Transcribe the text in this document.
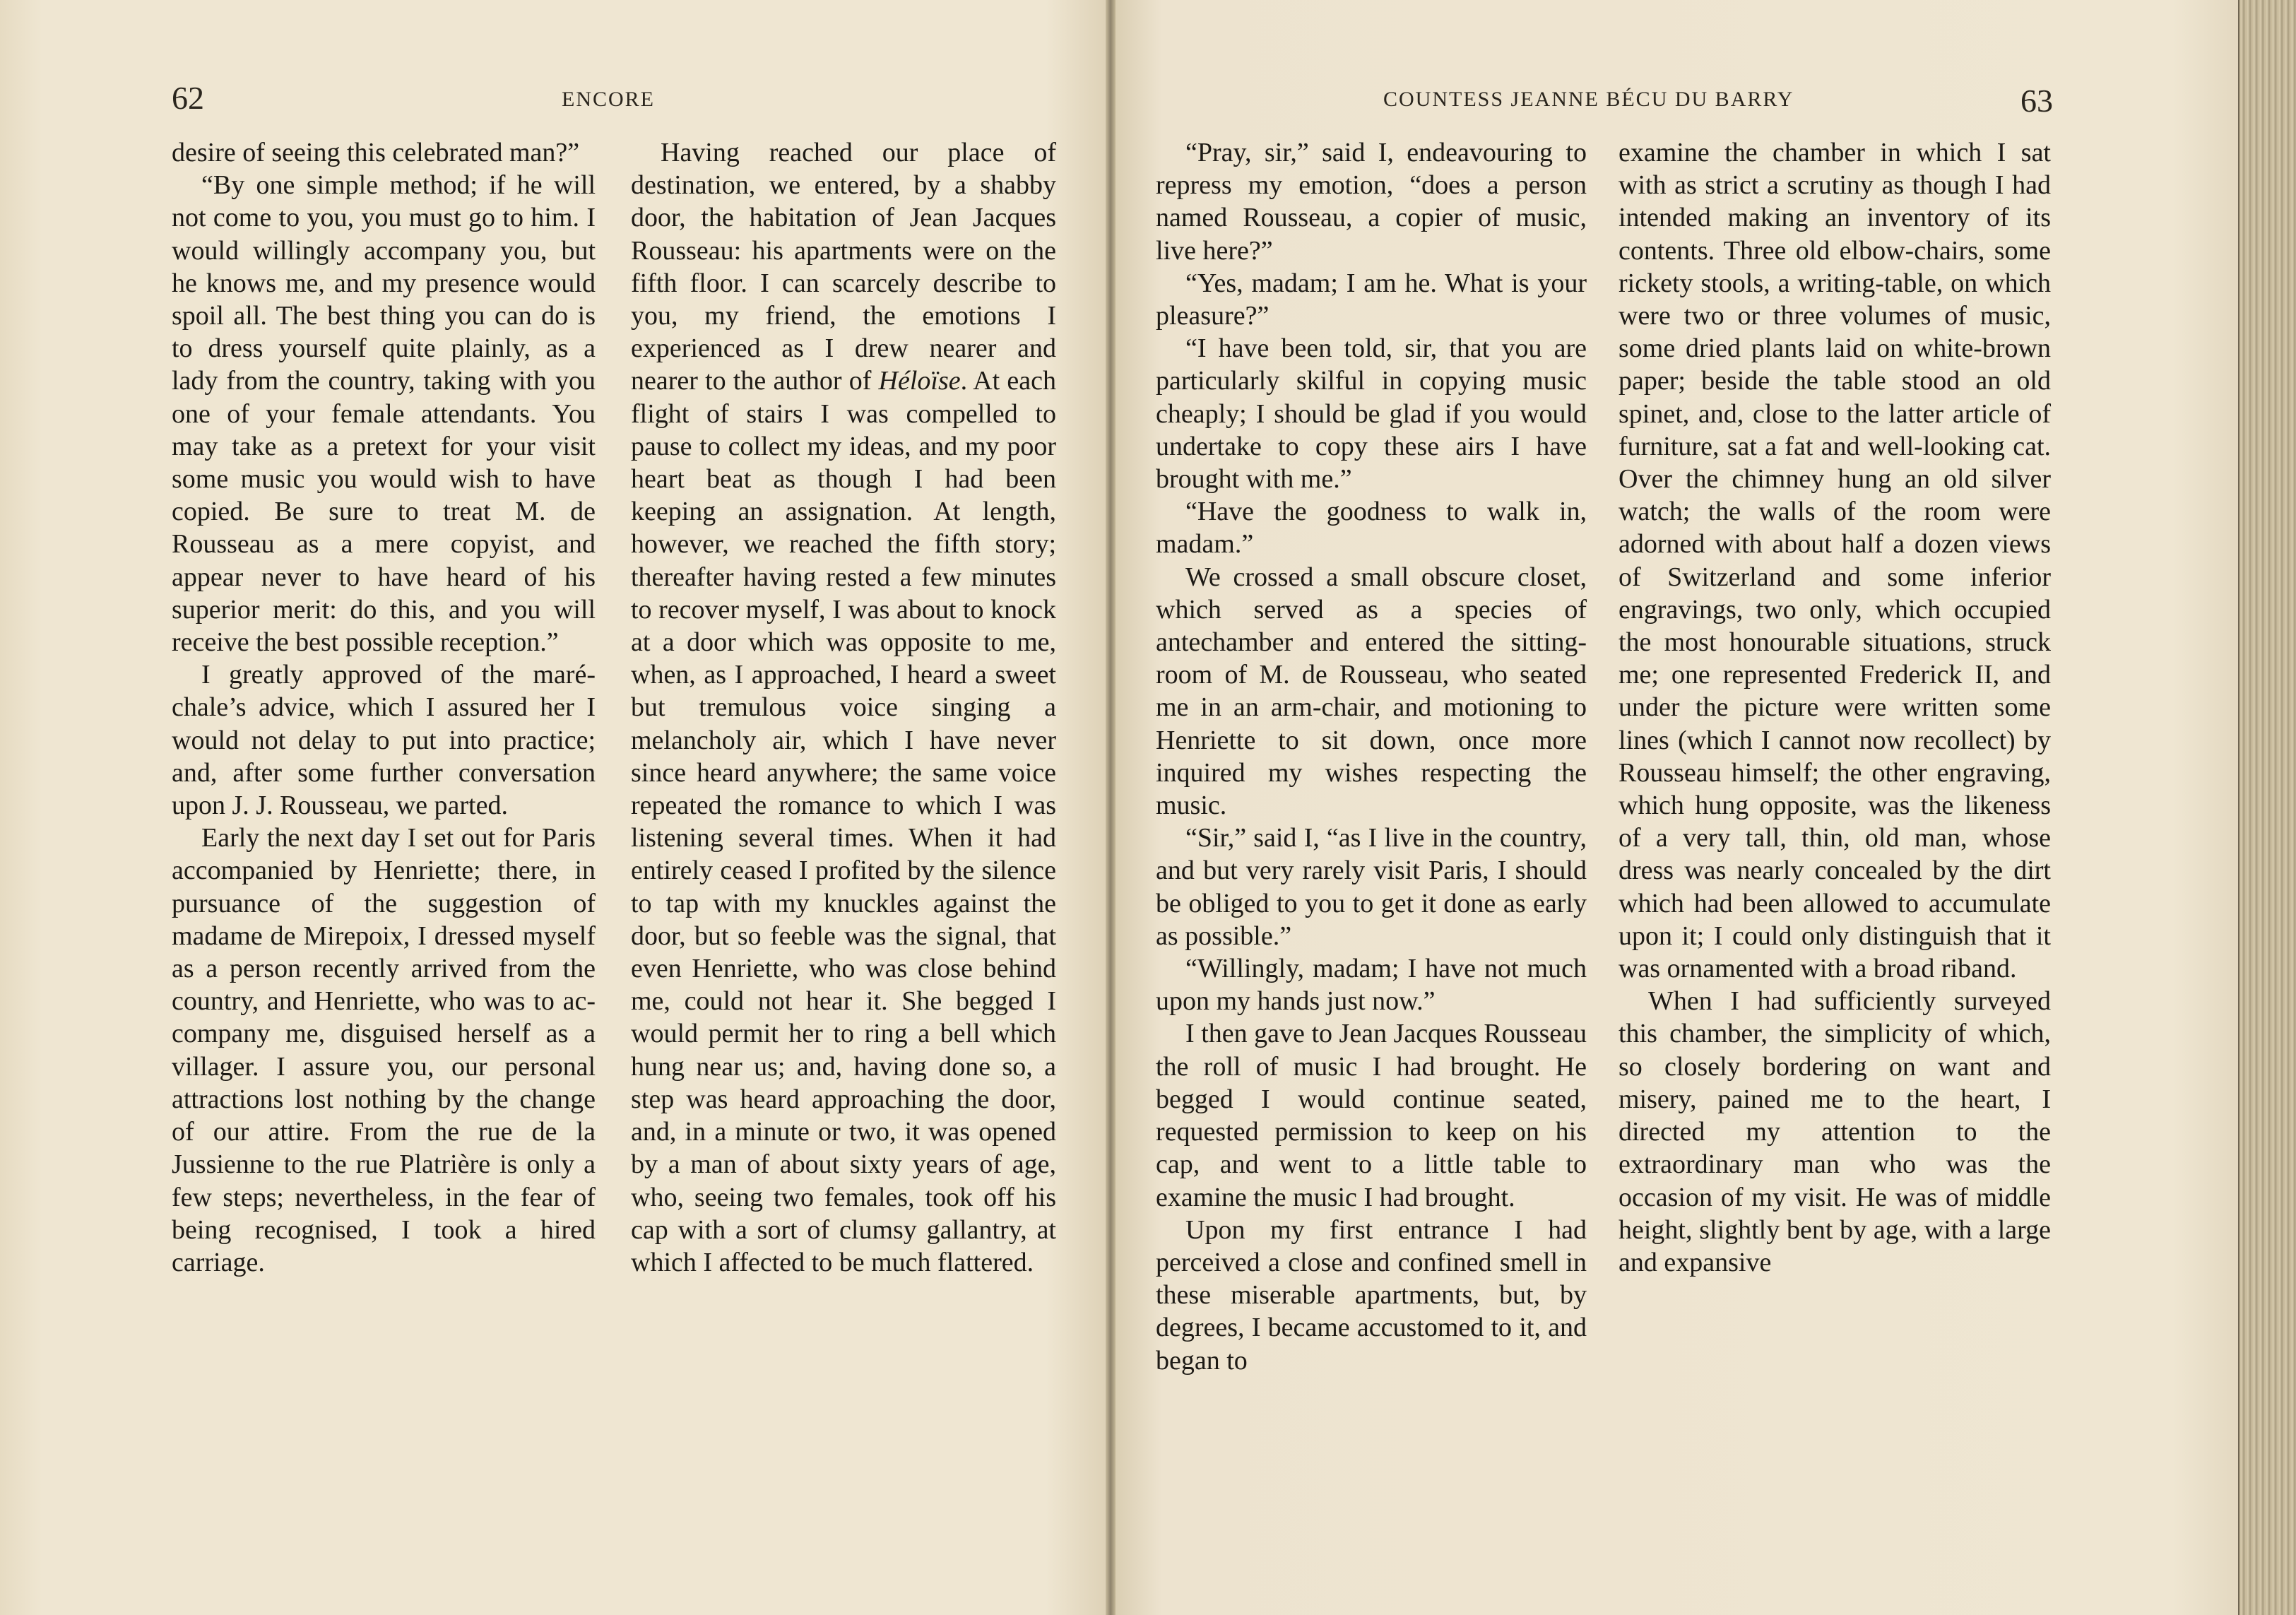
62	ENCORE	COUNTESS JEANNE BÉCU DU BARRY	63

desire of seeing this celebrated man?”

“By one simple method; if he will not come to you, you must go to him. I would willingly accompany you, but he knows me, and my presence would spoil all. The best thing you can do is to dress yourself quite plainly, as a lady from the country, taking with you one of your female attendants. You may take as a pretext for your visit some music you would wish to have copied. Be sure to treat M. de Rousseau as a mere copyist, and appear never to have heard of his superior merit: do this, and you will receive the best possible reception.”

I greatly approved of the maréchale’s advice, which I assured her I would not delay to put into practice; and, after some further conversation upon J. J. Rousseau, we parted.

Early the next day I set out for Paris accompanied by Henriette; there, in pursuance of the suggestion of madame de Mirepoix, I dressed myself as a person recently arrived from the country, and Henriette, who was to accompany me, disguised herself as a villager. I assure you, our personal attractions lost nothing by the change of our attire. From the rue de la Jussienne to the rue Platrière is only a few steps; nevertheless, in the fear of being recognised, I took a hired carriage.

Having reached our place of destination, we entered, by a shabby door, the habitation of Jean Jacques Rousseau: his apartments were on the fifth floor. I can scarcely describe to you, my friend, the emotions I experienced as I drew nearer and nearer to the author of Héloïse. At each flight of stairs I was compelled to pause to collect my ideas, and my poor heart beat as though I had been keeping an assignation. At length, however, we reached the fifth story; thereafter having rested a few minutes to recover myself, I was about to knock at a door which was opposite to me, when, as I approached, I heard a sweet but tremulous voice singing a melancholy air, which I have never since heard anywhere; the same voice repeated the romance to which I was listening several times. When it had entirely ceased I profited by the silence to tap with my knuckles against the door, but so feeble was the signal, that even Henriette, who was close behind me, could not hear it. She begged I would permit her to ring a bell which hung near us; and, having done so, a step was heard approaching the door, and, in a minute or two, it was opened by a man of about sixty years of age, who, seeing two females, took off his cap with a sort of clumsy gallantry, at which I affected to be much flattered.

“Pray, sir,” said I, endeavouring to repress my emotion, “does a person named Rousseau, a copier of music, live here?”

“Yes, madam; I am he. What is your pleasure?”

“I have been told, sir, that you are particularly skilful in copying music cheaply; I should be glad if you would undertake to copy these airs I have brought with me.”

“Have the goodness to walk in, madam.”

We crossed a small obscure closet, which served as a species of antechamber and entered the sitting-room of M. de Rousseau, who seated me in an arm-chair, and motioning to Henriette to sit down, once more inquired my wishes respecting the music.

“Sir,” said I, “as I live in the country, and but very rarely visit Paris, I should be obliged to you to get it done as early as possible.”

“Willingly, madam; I have not much upon my hands just now.”

I then gave to Jean Jacques Rousseau the roll of music I had brought. He begged I would continue seated, requested permission to keep on his cap, and went to a little table to examine the music I had brought.

Upon my first entrance I had perceived a close and confined smell in these miserable apartments, but, by degrees, I became accustomed to it, and began to

examine the chamber in which I sat with as strict a scrutiny as though I had intended making an inventory of its contents. Three old elbow-chairs, some rickety stools, a writing-table, on which were two or three volumes of music, some dried plants laid on white-brown paper; beside the table stood an old spinet, and, close to the latter article of furniture, sat a fat and well-looking cat. Over the chimney hung an old silver watch; the walls of the room were adorned with about half a dozen views of Switzerland and some inferior engravings, two only, which occupied the most honourable situations, struck me; one represented Frederick II, and under the picture were written some lines (which I cannot now recollect) by Rousseau himself; the other engraving, which hung opposite, was the likeness of a very tall, thin, old man, whose dress was nearly concealed by the dirt which had been allowed to accumulate upon it; I could only distinguish that it was ornamented with a broad riband.

When I had sufficiently surveyed this chamber, the simplicity of which, so closely bordering on want and misery, pained me to the heart, I directed my attention to the extraordinary man who was the occasion of my visit. He was of middle height, slightly bent by age, with a large and expansive
